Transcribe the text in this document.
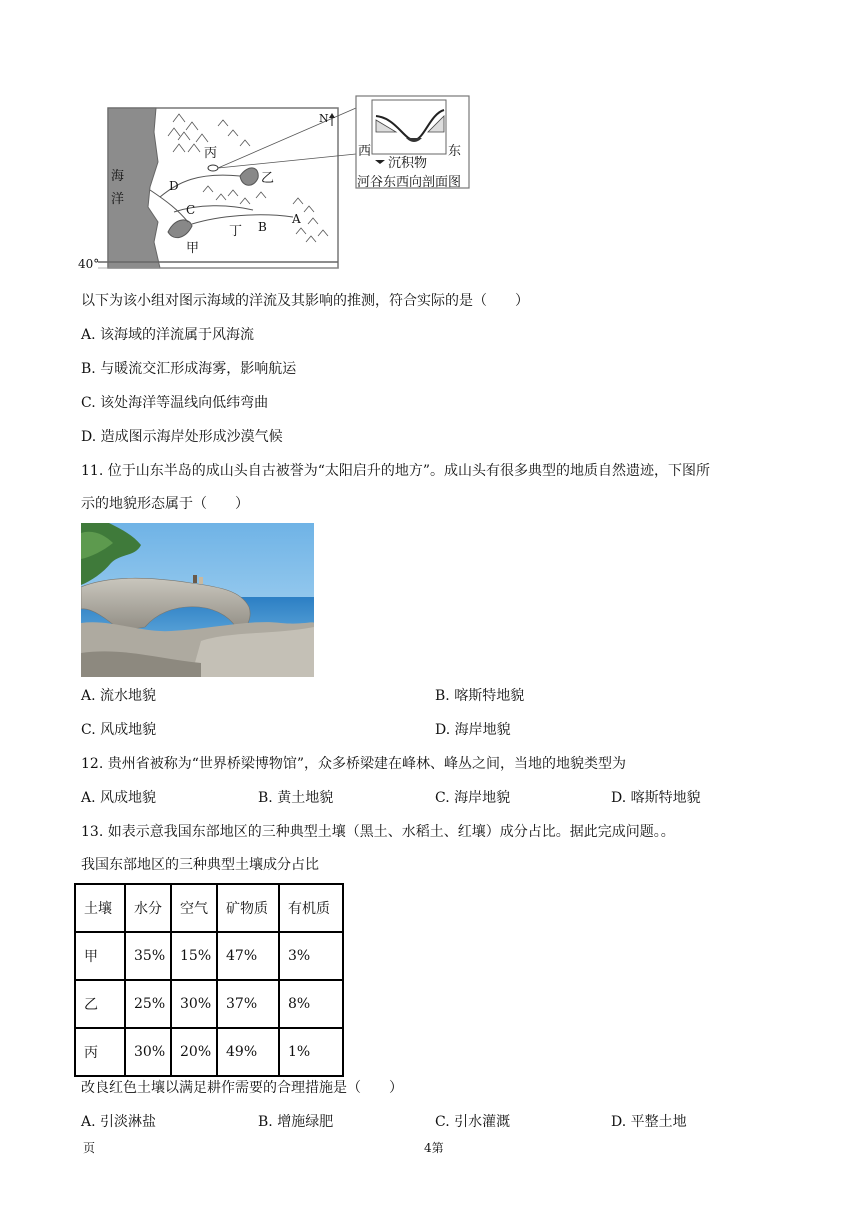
海
洋
40°
N
丙
乙
D
C
甲
丁 B
A
西	东
沉积物
河谷东西向剖面图
以下为该小组对图示海域的洋流及其影响的推测，符合实际的是（　　）
A. 该海域的洋流属于风海流
B. 与暖流交汇形成海雾，影响航运
C. 该处海洋等温线向低纬弯曲
D. 造成图示海岸处形成沙漠气候
11. 位于山东半岛的成山头自古被誉为“太阳启升的地方”。成山头有很多典型的地质自然遗迹，下图所
示的地貌形态属于（　　）
A. 流水地貌	B. 喀斯特地貌
C. 风成地貌	D. 海岸地貌
12. 贵州省被称为“世界桥梁博物馆”，众多桥梁建在峰林、峰丛之间，当地的地貌类型为
A. 风成地貌	B. 黄土地貌	C. 海岸地貌	D. 喀斯特地貌
13. 如表示意我国东部地区的三种典型土壤（黑土、水稻土、红壤）成分占比。据此完成问题。。
我国东部地区的三种典型土壤成分占比
土壤	水分	空气	矿物质	有机质
甲	35%	15%	47%	3%
乙	25%	30%	37%	8%
丙	30%	20%	49%	1%
改良红色土壤以满足耕作需要的合理措施是（　　）
A. 引淡淋盐	B. 增施绿肥	C. 引水灌溉	D. 平整土地
页	4第
